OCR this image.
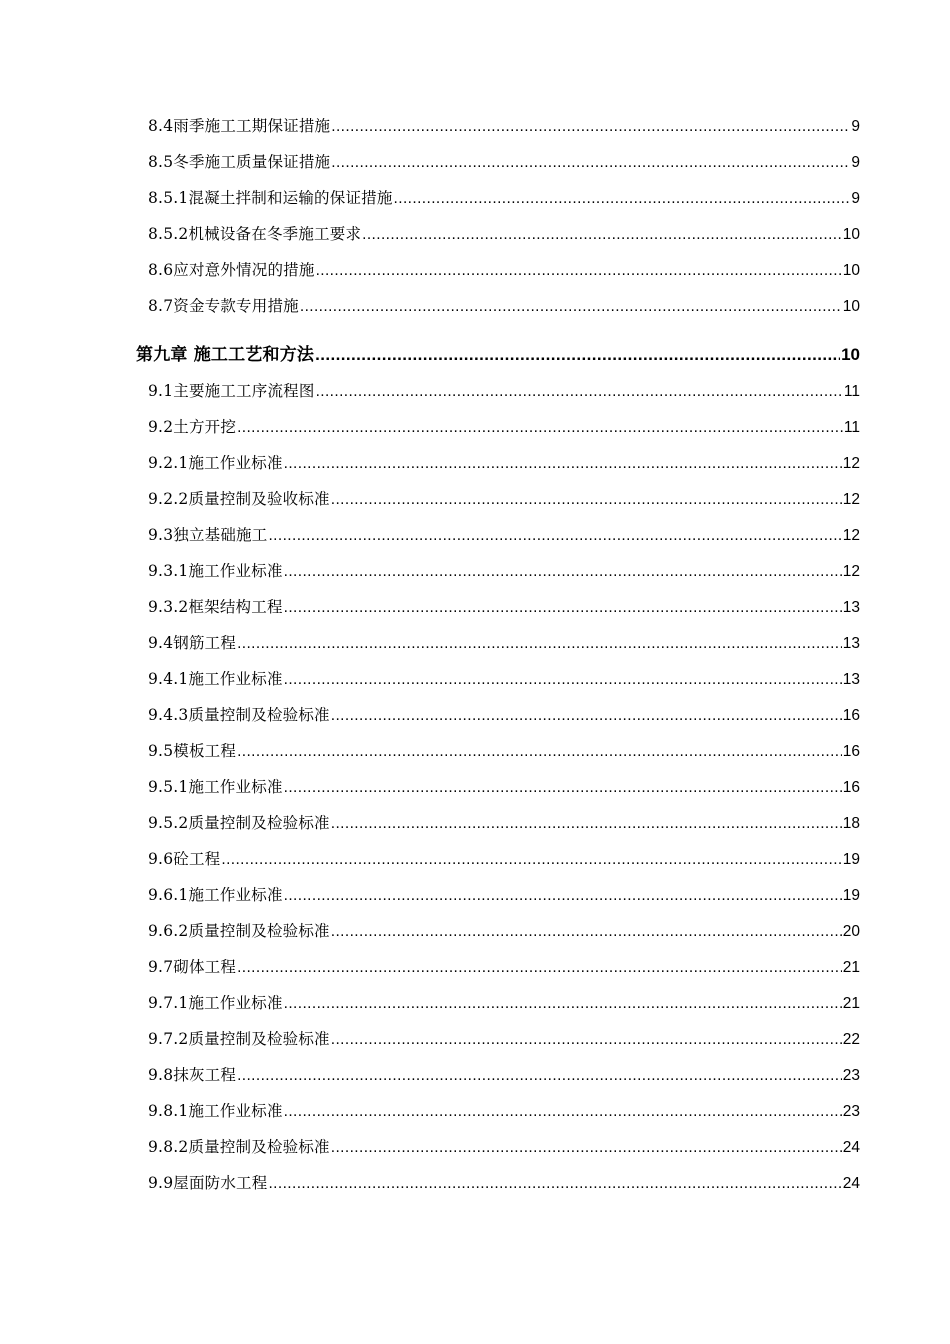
8.4雨季施工工期保证措施 .....	9
8.5冬季施工质量保证措施 .....	9
8.5.1混凝土拌制和运输的保证措施 .....	9
8.5.2机械设备在冬季施工要求 .....	10
8.6应对意外情况的措施 .....	10
8.7资金专款专用措施 .....	10
第九章 施工工艺和方法 .....	10
9.1主要施工工序流程图 .....	11
9.2土方开挖 .....	11
9.2.1施工作业标准 .....	12
9.2.2质量控制及验收标准 .....	12
9.3独立基础施工 .....	12
9.3.1施工作业标准 .....	12
9.3.2框架结构工程 .....	13
9.4钢筋工程 .....	13
9.4.1施工作业标准 .....	13
9.4.3质量控制及检验标准 .....	16
9.5模板工程 .....	16
9.5.1施工作业标准 .....	16
9.5.2质量控制及检验标准 .....	18
9.6砼工程 .....	19
9.6.1施工作业标准 .....	19
9.6.2质量控制及检验标准 .....	20
9.7砌体工程 .....	21
9.7.1施工作业标准 .....	21
9.7.2质量控制及检验标准 .....	22
9.8抹灰工程 .....	23
9.8.1施工作业标准 .....	23
9.8.2质量控制及检验标准 .....	24
9.9屋面防水工程 .....	24
